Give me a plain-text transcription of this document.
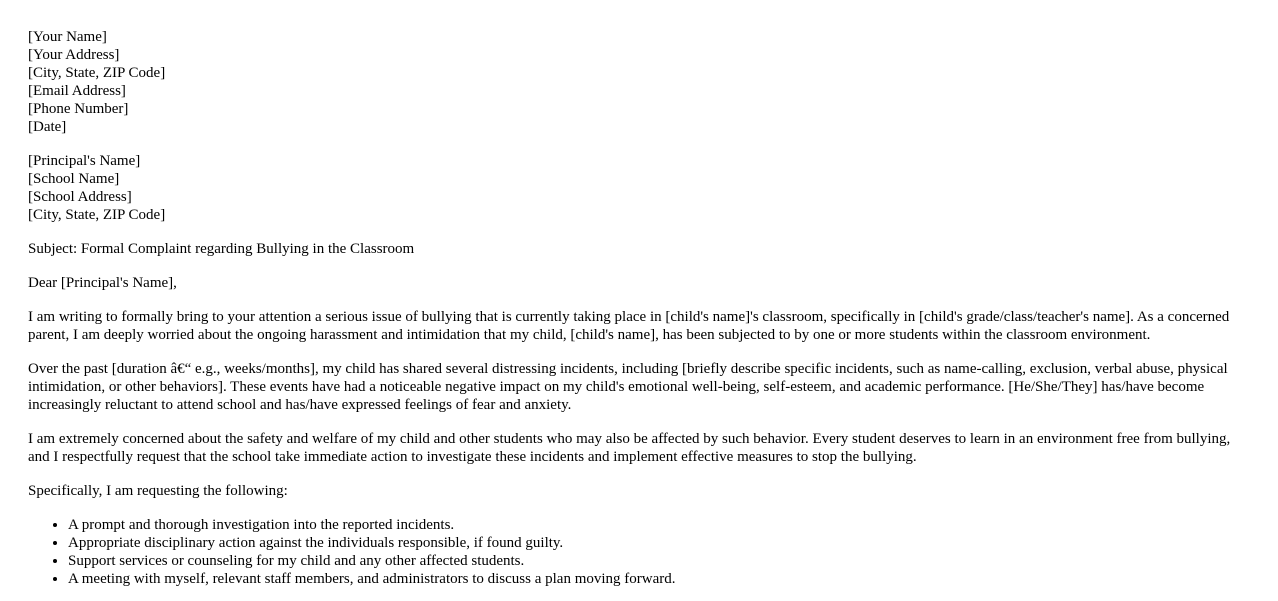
[Your Name]
[Your Address]
[City, State, ZIP Code]
[Email Address]
[Phone Number]
[Date]
[Principal's Name]
[School Name]
[School Address]
[City, State, ZIP Code]

Subject: Formal Complaint regarding Bullying in the Classroom

Dear [Principal's Name],

I am writing to formally bring to your attention a serious issue of bullying that is currently taking place in [child's name]'s classroom, specifically in [child's grade/class/teacher's name]. As a concerned parent, I am deeply worried about the ongoing harassment and intimidation that my child, [child's name], has been subjected to by one or more students within the classroom environment.

Over the past [duration â€“ e.g., weeks/months], my child has shared several distressing incidents, including [briefly describe specific incidents, such as name-calling, exclusion, verbal abuse, physical intimidation, or other behaviors]. These events have had a noticeable negative impact on my child's emotional well-being, self-esteem, and academic performance. [He/She/They] has/have become increasingly reluctant to attend school and has/have expressed feelings of fear and anxiety.

I am extremely concerned about the safety and welfare of my child and other students who may also be affected by such behavior. Every student deserves to learn in an environment free from bullying, and I respectfully request that the school take immediate action to investigate these incidents and implement effective measures to stop the bullying.

Specifically, I am requesting the following:

• A prompt and thorough investigation into the reported incidents.
• Appropriate disciplinary action against the individuals responsible, if found guilty.
• Support services or counseling for my child and any other affected students.
• A meeting with myself, relevant staff members, and administrators to discuss a plan moving forward.
